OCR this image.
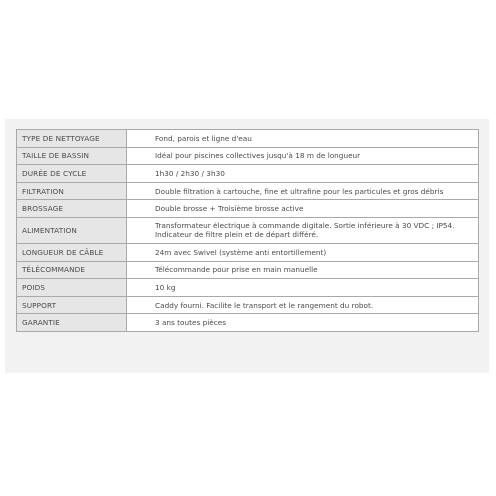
TYPE DE NETTOYAGE	Fond, parois et ligne d'eau
TAILLE DE BASSIN	Idéal pour piscines collectives jusqu'à 18 m de longueur
DURÉE DE CYCLE	1h30 / 2h30 / 3h30
FILTRATION	Double filtration à cartouche, fine et ultrafine pour les particules et gros débris
BROSSAGE	Double brosse + Troisième brosse active
ALIMENTATION	Transformateur électrique à commande digitale. Sortie inférieure à 30 VDC ; IP54. Indicateur de filtre plein et de départ différé.
LONGUEUR DE CÂBLE	24m avec Swivel (système anti entortillement)
TÉLÉCOMMANDE	Télécommande pour prise en main manuelle
POIDS	10 kg
SUPPORT	Caddy fourni. Facilite le transport et le rangement du robot.
GARANTIE	3 ans toutes pièces
